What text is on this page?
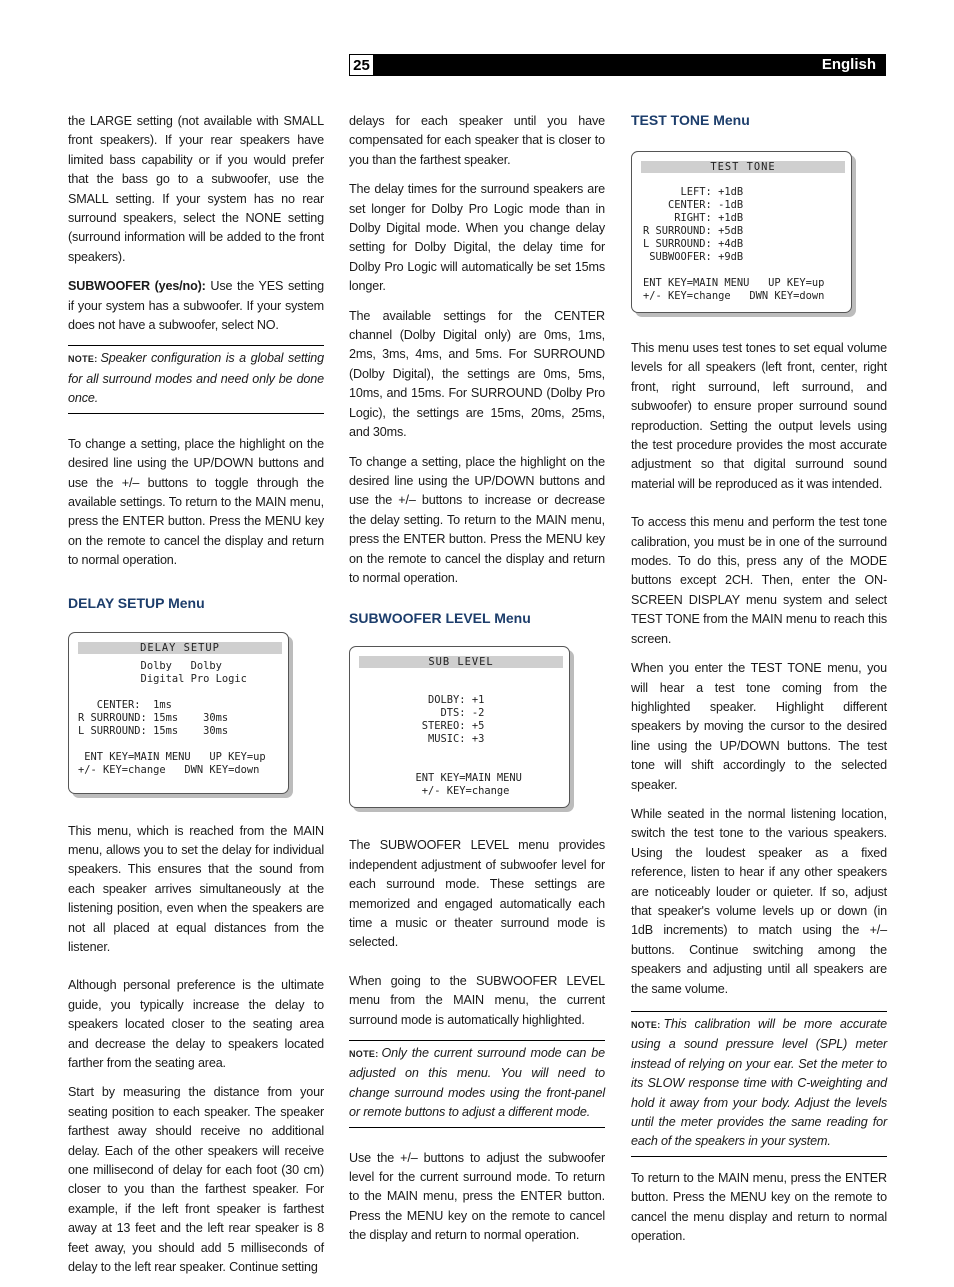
25	English

the LARGE setting (not available with SMALL front speakers). If your rear speakers have limited bass capability or if you would prefer that the bass go to a subwoofer, use the SMALL setting. If your system has no rear surround speakers, select the NONE setting (surround information will be added to the front speakers).

SUBWOOFER (yes/no): Use the YES setting if your system has a subwoofer. If your system does not have a subwoofer, select NO.

NOTE: Speaker configuration is a global setting for all surround modes and need only be done once.

To change a setting, place the highlight on the desired line using the UP/DOWN buttons and use the +/– buttons to toggle through the available settings. To return to the MAIN menu, press the ENTER button. Press the MENU key on the remote to cancel the display and return to normal operation.

DELAY SETUP Menu
DELAY SETUP
Dolby   Dolby
Digital Pro Logic

CENTER:  1ms
R SURROUND: 15ms    30ms
L SURROUND: 15ms    30ms

ENT KEY=MAIN MENU   UP KEY=up
+/- KEY=change   DWN KEY=down

This menu, which is reached from the MAIN menu, allows you to set the delay for individual speakers. This ensures that the sound from each speaker arrives simultaneously at the listening position, even when the speakers are not all placed at equal distances from the listener.

Although personal preference is the ultimate guide, you typically increase the delay to speakers located closer to the seating area and decrease the delay to speakers located farther from the seating area.

Start by measuring the distance from your seating position to each speaker. The speaker farthest away should receive no additional delay. Each of the other speakers will receive one millisecond of delay for each foot (30 cm) closer to you than the farthest speaker. For example, if the left front speaker is farthest away at 13 feet and the left rear speaker is 8 feet away, you should add 5 milliseconds of delay to the left rear speaker. Continue setting

delays for each speaker until you have compensated for each speaker that is closer to you than the farthest speaker.

The delay times for the surround speakers are set longer for Dolby Pro Logic mode than in Dolby Digital mode. When you change delay setting for Dolby Digital, the delay time for Dolby Pro Logic will automatically be set 15ms longer.

The available settings for the CENTER channel (Dolby Digital only) are 0ms, 1ms, 2ms, 3ms, 4ms, and 5ms. For SURROUND (Dolby Digital), the settings are 0ms, 5ms, 10ms, and 15ms. For SURROUND (Dolby Pro Logic), the settings are 15ms, 20ms, 25ms, and 30ms.

To change a setting, place the highlight on the desired line using the UP/DOWN buttons and use the +/– buttons to increase or decrease the delay setting. To return to the MAIN menu, press the ENTER button. Press the MENU key on the remote to cancel the display and return to normal operation.

SUBWOOFER LEVEL Menu
SUB LEVEL

DOLBY: +1
DTS: -2
STEREO: +5
MUSIC: +3

ENT KEY=MAIN MENU
+/- KEY=change

The SUBWOOFER LEVEL menu provides independent adjustment of subwoofer level for each surround mode. These settings are memorized and engaged automatically each time a music or theater surround mode is selected.

When going to the SUBWOOFER LEVEL menu from the MAIN menu, the current surround mode is automatically highlighted.

NOTE: Only the current surround mode can be adjusted on this menu. You will need to change surround modes using the front-panel or remote buttons to adjust a different mode.

Use the +/– buttons to adjust the subwoofer level for the current surround mode. To return to the MAIN menu, press the ENTER button. Press the MENU key on the remote to cancel the display and return to normal operation.

TEST TONE Menu
TEST TONE

LEFT: +1dB
CENTER: -1dB
RIGHT: +1dB
R SURROUND: +5dB
L SURROUND: +4dB
SUBWOOFER: +9dB

ENT KEY=MAIN MENU   UP KEY=up
+/- KEY=change   DWN KEY=down

This menu uses test tones to set equal volume levels for all speakers (left front, center, right front, right surround, left surround, and subwoofer) to ensure proper surround sound reproduction. Setting the output levels using the test procedure provides the most accurate adjustment so that digital surround sound material will be reproduced as it was intended.

To access this menu and perform the test tone calibration, you must be in one of the surround modes. To do this, press any of the MODE buttons except 2CH. Then, enter the ON-SCREEN DISPLAY menu system and select TEST TONE from the MAIN menu to reach this screen.

When you enter the TEST TONE menu, you will hear a test tone coming from the highlighted speaker. Highlight different speakers by moving the cursor to the desired line using the UP/DOWN buttons. The test tone will shift accordingly to the selected speaker.

While seated in the normal listening location, switch the test tone to the various speakers. Using the loudest speaker as a fixed reference, listen to hear if any other speakers are noticeably louder or quieter. If so, adjust that speaker's volume levels up or down (in 1dB increments) to match using the +/– buttons. Continue switching among the speakers and adjusting until all speakers are the same volume.

NOTE: This calibration will be more accurate using a sound pressure level (SPL) meter instead of relying on your ear. Set the meter to its SLOW response time with C-weighting and hold it away from your body. Adjust the levels until the meter provides the same reading for each of the speakers in your system.

To return to the MAIN menu, press the ENTER button. Press the MENU key on the remote to cancel the menu display and return to normal operation.
